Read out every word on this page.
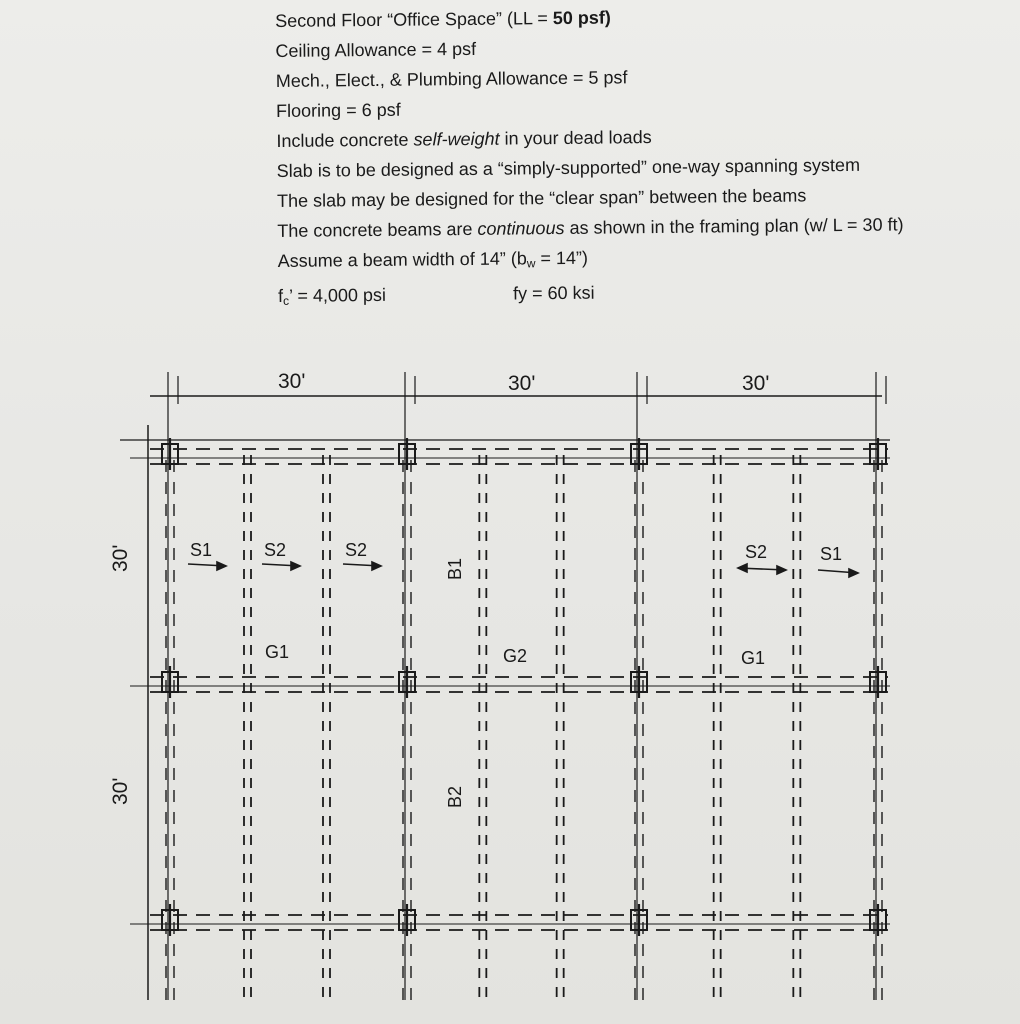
Second Floor “Office Space” (LL = 50 psf)
Ceiling Allowance = 4 psf
Mech., Elect., & Plumbing Allowance = 5 psf
Flooring = 6 psf
Include concrete self-weight in your dead loads
Slab is to be designed as a “simply-supported” one-way spanning system
The slab may be designed for the “clear span” between the beams
The concrete beams are continuous as shown in the framing plan (w/ L = 30 ft)
Assume a beam width of 14” ($b_w$ = 14”)
$f_c$’ = 4,000 psi	fy = 60 ksi
30'	30'	30'
30'
30'
S1	S2	S2	S2	S1
G1	G2	G1
B1
B2
